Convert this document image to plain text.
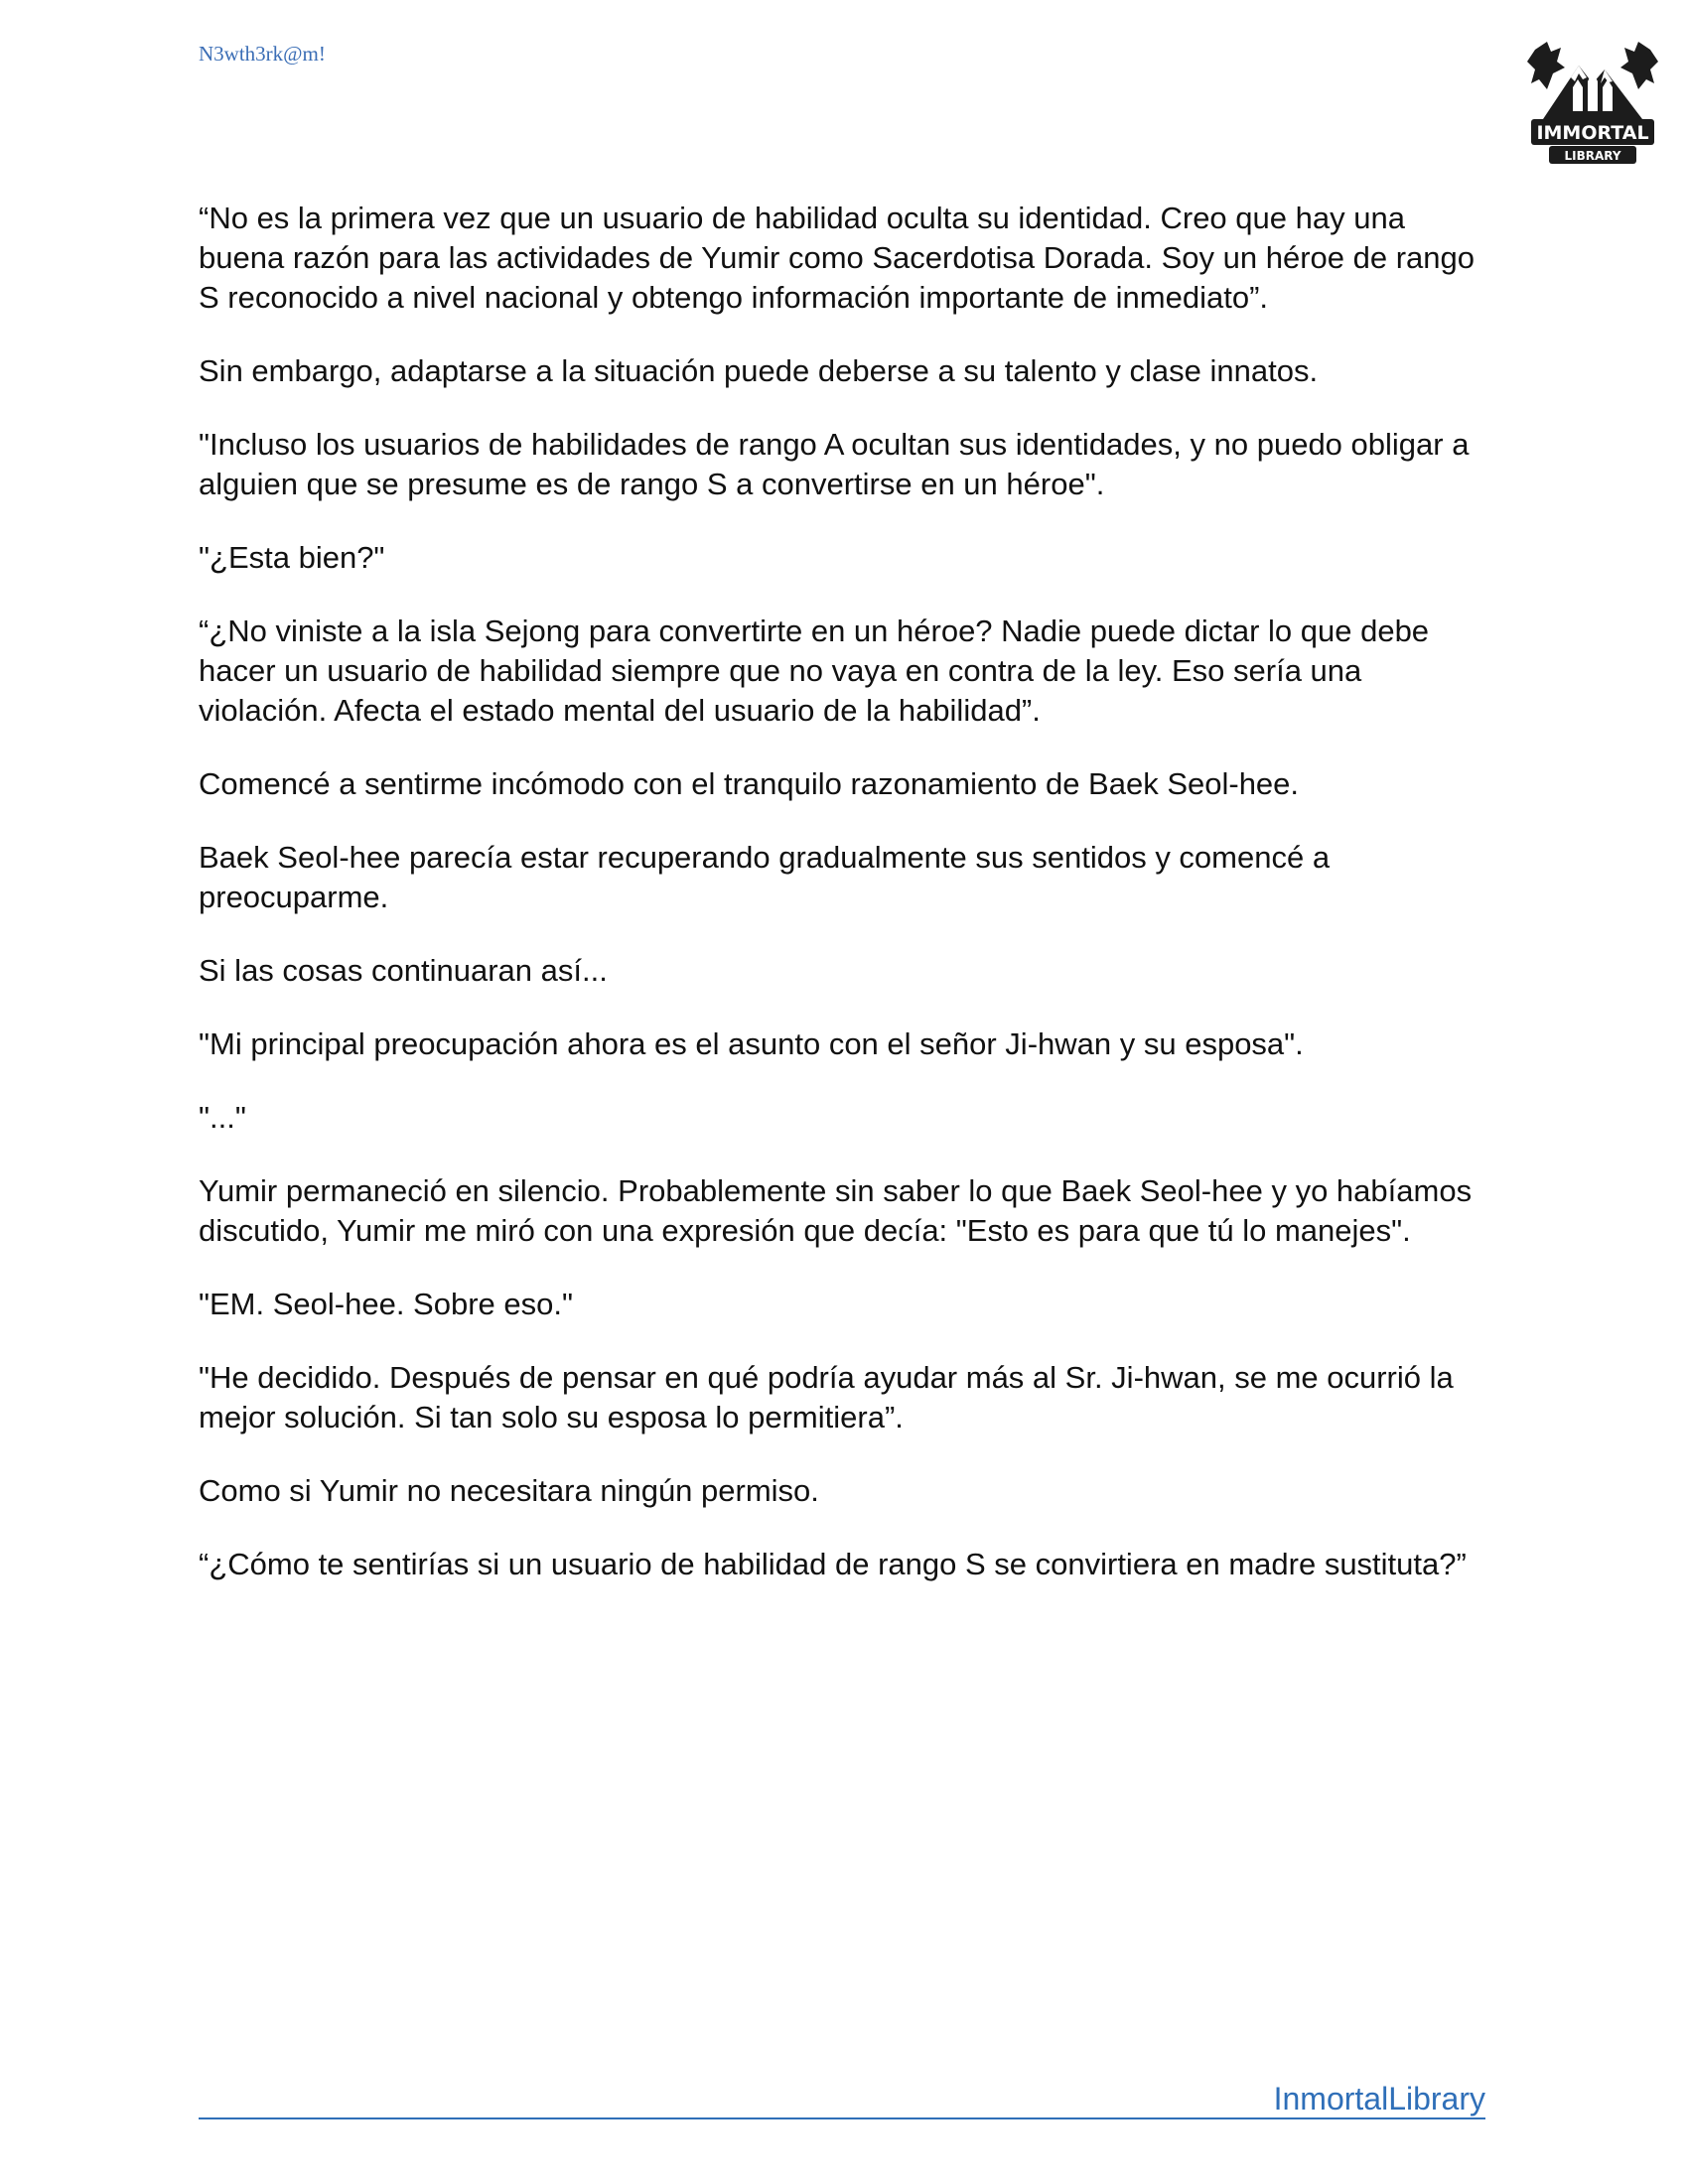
N3wth3rk@m!
IMMORTAL
LIBRARY

“No es la primera vez que un usuario de habilidad oculta su identidad. Creo que hay una buena razón para las actividades de Yumir como Sacerdotisa Dorada. Soy un héroe de rango S reconocido a nivel nacional y obtengo información importante de inmediato”.

Sin embargo, adaptarse a la situación puede deberse a su talento y clase innatos.

"Incluso los usuarios de habilidades de rango A ocultan sus identidades, y no puedo obligar a alguien que se presume es de rango S a convertirse en un héroe".

"¿Esta bien?"

“¿No viniste a la isla Sejong para convertirte en un héroe? Nadie puede dictar lo que debe hacer un usuario de habilidad siempre que no vaya en contra de la ley. Eso sería una violación. Afecta el estado mental del usuario de la habilidad”.

Comencé a sentirme incómodo con el tranquilo razonamiento de Baek Seol-hee.

Baek Seol-hee parecía estar recuperando gradualmente sus sentidos y comencé a preocuparme.

Si las cosas continuaran así...

"Mi principal preocupación ahora es el asunto con el señor Ji-hwan y su esposa".

"..."

Yumir permaneció en silencio. Probablemente sin saber lo que Baek Seol-hee y yo habíamos discutido, Yumir me miró con una expresión que decía: "Esto es para que tú lo manejes".

"EM. Seol-hee. Sobre eso."

"He decidido. Después de pensar en qué podría ayudar más al Sr. Ji-hwan, se me ocurrió la mejor solución. Si tan solo su esposa lo permitiera”.

Como si Yumir no necesitara ningún permiso.

“¿Cómo te sentirías si un usuario de habilidad de rango S se convirtiera en madre sustituta?”

InmortalLibrary
